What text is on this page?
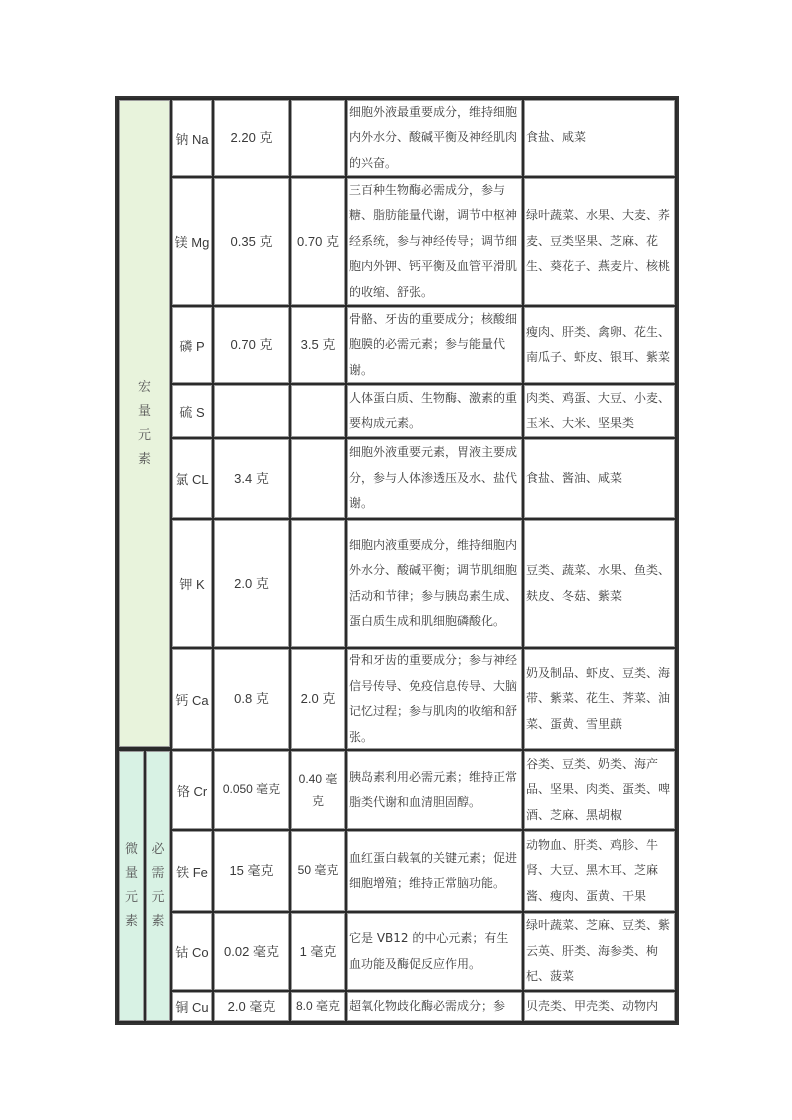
宏量元素
微量元素
必需元素
钠 Na 2.20 克
细胞外液最重要成分，维持细胞内外水分、酸碱平衡及神经肌肉的兴奋。
食盐、咸菜
镁 Mg 0.35 克 0.70 克
三百种生物酶必需成分，参与糖、脂肪能量代谢，调节中枢神经系统，参与神经传导；调节细胞内外钾、钙平衡及血管平滑肌的收缩、舒张。
绿叶蔬菜、水果、大麦、荞麦、豆类坚果、芝麻、花生、葵花子、燕麦片、核桃
磷 P 0.70 克 3.5 克
骨骼、牙齿的重要成分；核酸细胞膜的必需元素；参与能量代谢。
瘦肉、肝类、禽卵、花生、南瓜子、虾皮、银耳、紫菜
硫 S
人体蛋白质、生物酶、激素的重要构成元素。
肉类、鸡蛋、大豆、小麦、玉米、大米、坚果类
氯 CL 3.4 克
细胞外液重要元素，胃液主要成分，参与人体渗透压及水、盐代谢。
食盐、酱油、咸菜
钾 K 2.0 克
细胞内液重要成分，维持细胞内外水分、酸碱平衡；调节肌细胞活动和节律；参与胰岛素生成、蛋白质生成和肌细胞磷酸化。
豆类、蔬菜、水果、鱼类、麸皮、冬菇、紫菜
钙 Ca 0.8 克 2.0 克
骨和牙齿的重要成分；参与神经信号传导、免疫信息传导、大脑记忆过程；参与肌肉的收缩和舒张。
奶及制品、虾皮、豆类、海带、紫菜、花生、荠菜、油菜、蛋黄、雪里蕻
铬 Cr 0.050 毫克
0.40 毫克
胰岛素利用必需元素；维持正常脂类代谢和血清胆固醇。
谷类、豆类、奶类、海产品、坚果、肉类、蛋类、啤酒、芝麻、黑胡椒
铁 Fe 15 毫克 50 毫克
血红蛋白载氧的关键元素；促进细胞增殖；维持正常脑功能。
动物血、肝类、鸡胗、牛肾、大豆、黑木耳、芝麻酱、瘦肉、蛋黄、干果
钴 Co 0.02 毫克 1 毫克
它是 VB12 的中心元素；有生血功能及酶促反应作用。
绿叶蔬菜、芝麻、豆类、紫云英、肝类、海参类、枸杞、菠菜
铜 Cu 2.0 毫克 8.0 毫克 超氧化物歧化酶必需成分；参 贝壳类、甲壳类、动物内
